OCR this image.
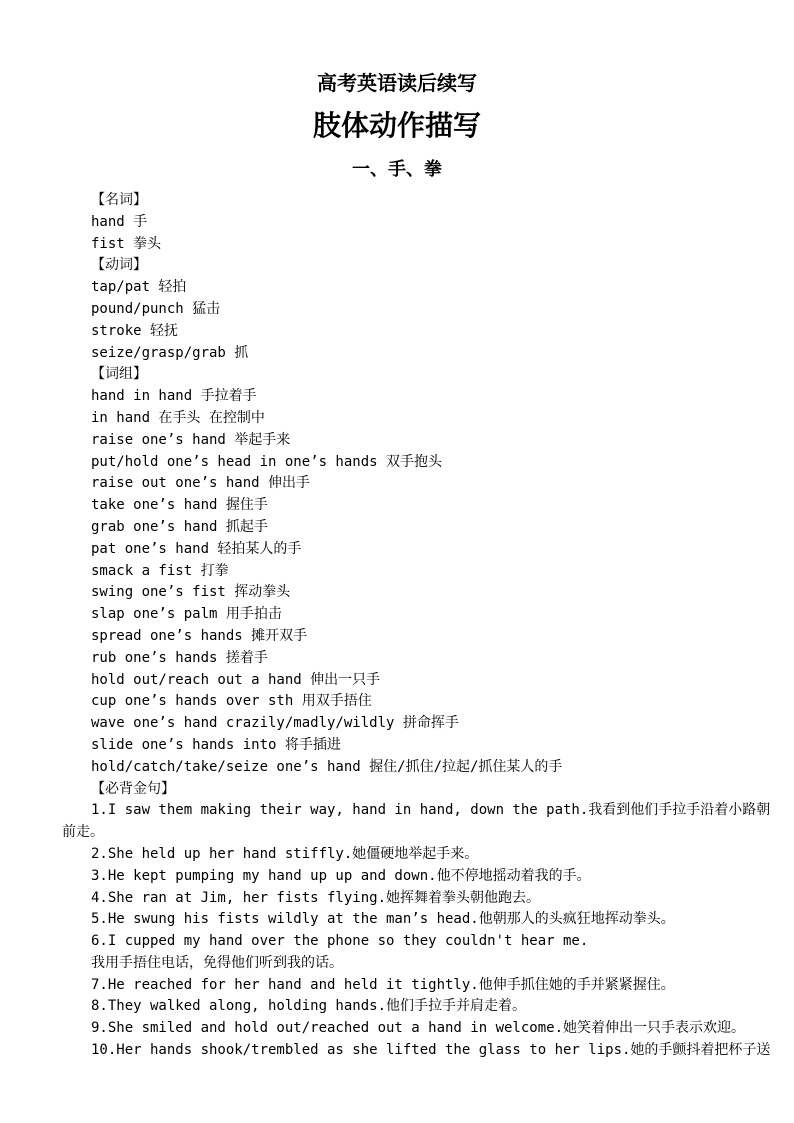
高考英语读后续写
肢体动作描写
一、手、拳
【名词】
hand 手
fist 拳头
【动词】
tap/pat 轻拍
pound/punch 猛击
stroke 轻抚
seize/grasp/grab 抓
【词组】
hand in hand 手拉着手
in hand 在手头 在控制中
raise one’s hand 举起手来
put/hold one’s head in one’s hands 双手抱头
raise out one’s hand 伸出手
take one’s hand 握住手
grab one’s hand 抓起手
pat one’s hand 轻拍某人的手
smack a fist 打拳
swing one’s fist 挥动拳头
slap one’s palm 用手拍击
spread one’s hands 摊开双手
rub one’s hands 搓着手
hold out/reach out a hand 伸出一只手
cup one’s hands over sth 用双手捂住
wave one’s hand crazily/madly/wildly 拼命挥手
slide one’s hands into 将手插进
hold/catch/take/seize one’s hand 握住/抓住/拉起/抓住某人的手
【必背金句】
1.I saw them making their way, hand in hand, down the path.我看到他们手拉手沿着小路朝
前走。
2.She held up her hand stiffly.她僵硬地举起手来。
3.He kept pumping my hand up up and down.他不停地摇动着我的手。
4.She ran at Jim, her fists flying.她挥舞着拳头朝他跑去。
5.He swung his fists wildly at the man’s head.他朝那人的头疯狂地挥动拳头。
6.I cupped my hand over the phone so they couldn't hear me.
我用手捂住电话，免得他们听到我的话。
7.He reached for her hand and held it tightly.他伸手抓住她的手并紧紧握住。
8.They walked along, holding hands.他们手拉手并肩走着。
9.She smiled and hold out/reached out a hand in welcome.她笑着伸出一只手表示欢迎。
10.Her hands shook/trembled as she lifted the glass to her lips.她的手颤抖着把杯子送
